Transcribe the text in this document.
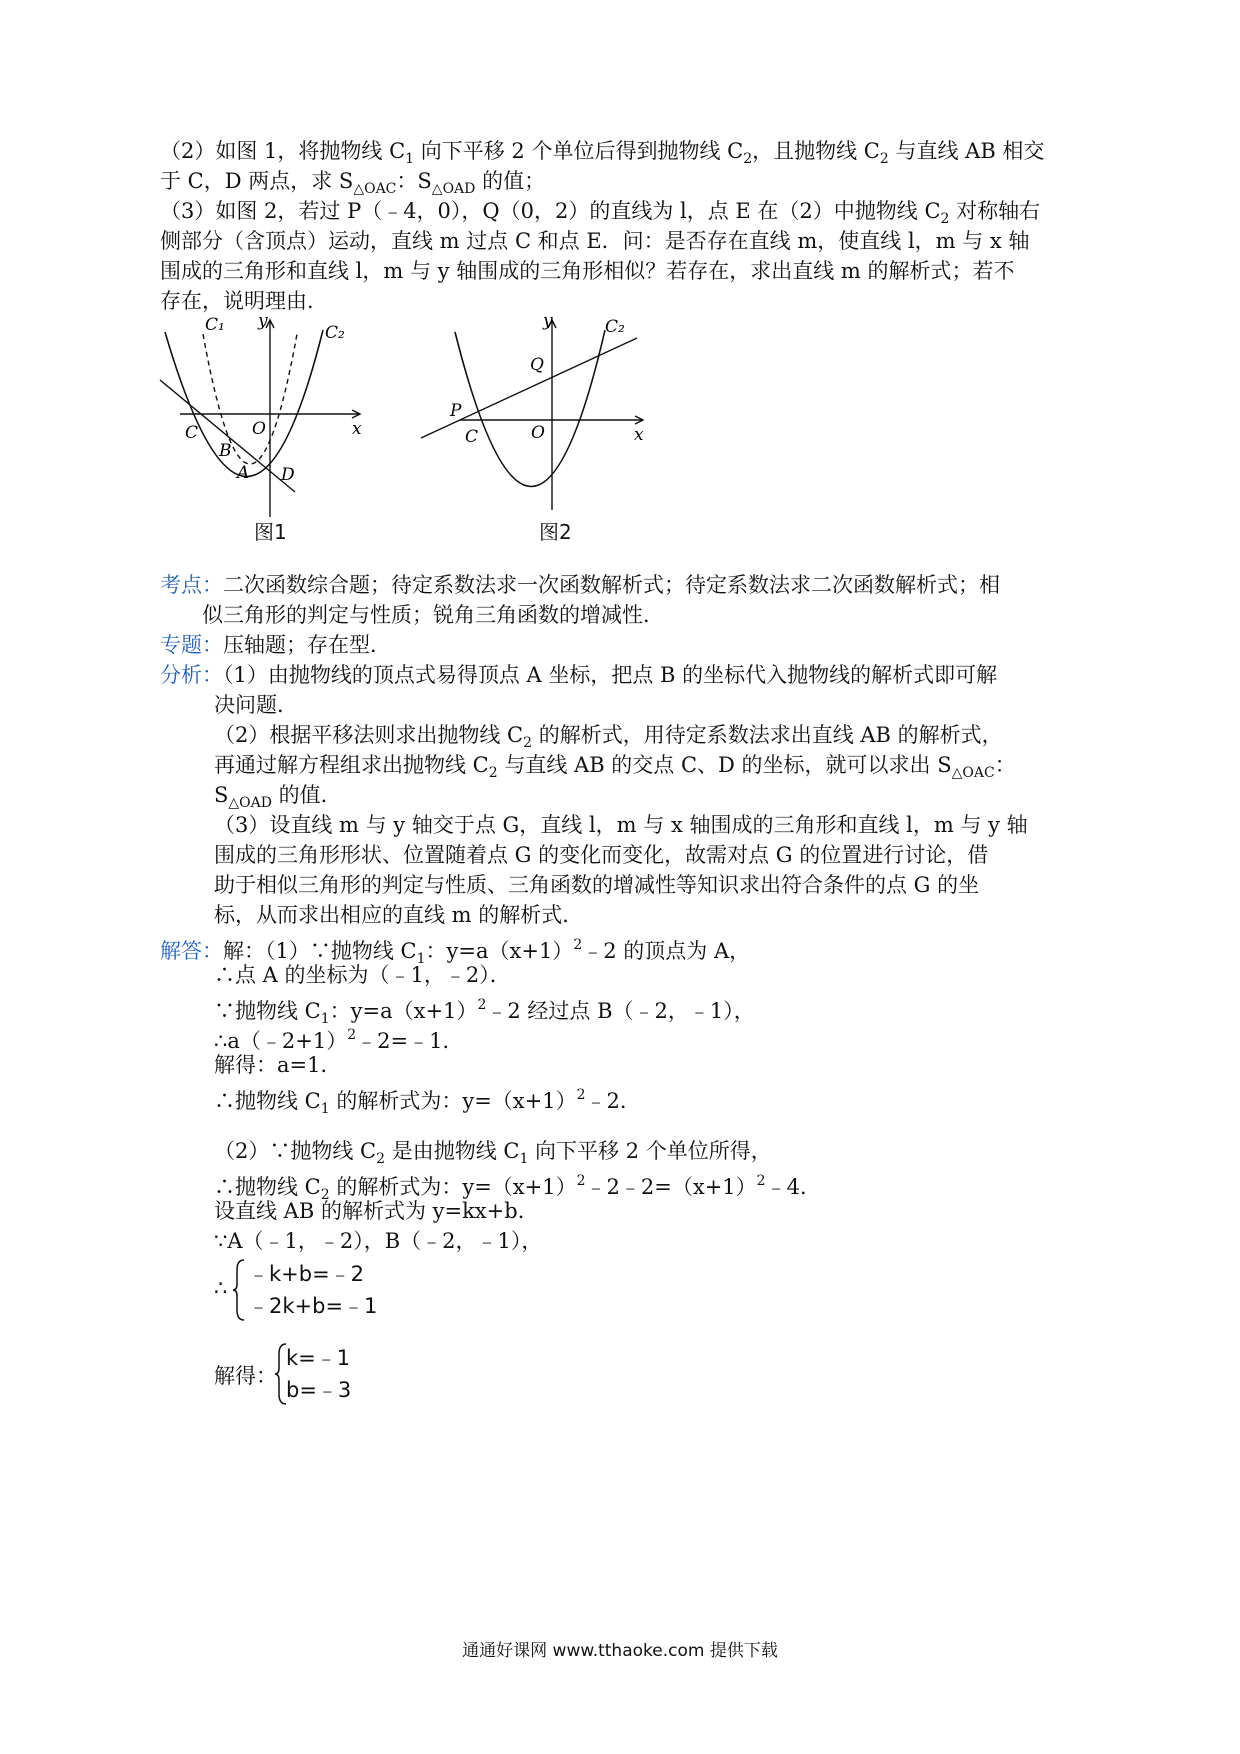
（2）如图 1，将抛物线 $C_1$ 向下平移 2 个单位后得到抛物线 $C_2$，且抛物线 $C_2$ 与直线 AB 相交
于 C，D 两点，求 $S_{\triangle OAC}$：$S_{\triangle OAD}$ 的值；
（3）如图 2，若过 P（﹣4，0），Q（0，2）的直线为 l，点 E 在（2）中抛物线 $C_2$ 对称轴右
侧部分（含顶点）运动，直线 m 过点 C 和点 E．问：是否存在直线 m，使直线 l，m 与 x 轴
围成的三角形和直线 l，m 与 y 轴围成的三角形相似？若存在，求出直线 m 的解析式；若不
存在，说明理由．
C₁	C₂
y
x
O
C
B
A D
图1
y	C₂
Q
P
C	O	x
图2
考点：二次函数综合题；待定系数法求一次函数解析式；待定系数法求二次函数解析式；相
似三角形的判定与性质；锐角三角函数的增减性．
专题：压轴题；存在型．
分析：（1）由抛物线的顶点式易得顶点 A 坐标，把点 B 的坐标代入抛物线的解析式即可解
决问题．
（2）根据平移法则求出抛物线 $C_2$ 的解析式，用待定系数法求出直线 AB 的解析式，
再通过解方程组求出抛物线 $C_2$ 与直线 AB 的交点 C、D 的坐标，就可以求出 $S_{\triangle OAC}$：
$S_{\triangle OAD}$ 的值．
（3）设直线 m 与 y 轴交于点 G，直线 l，m 与 x 轴围成的三角形和直线 l，m 与 y 轴
围成的三角形形状、位置随着点 G 的变化而变化，故需对点 G 的位置进行讨论，借
助于相似三角形的判定与性质、三角函数的增减性等知识求出符合条件的点 G 的坐
标，从而求出相应的直线 m 的解析式．
解答：解：（1）∵抛物线 $C_1$：$y=a(x+1)^2﹣2$ 的顶点为 A，
∴点 A 的坐标为（﹣1，﹣2）．
∵抛物线 $C_1$：$y=a(x+1)^2﹣2$ 经过点 B（﹣2，﹣1），
∴a（﹣2+1）$^2$﹣2=﹣1．
解得：a=1．
∴抛物线 $C_1$ 的解析式为：$y=(x+1)^2﹣2$．
（2）∵抛物线 $C_2$ 是由抛物线 $C_1$ 向下平移 2 个单位所得，
∴抛物线 $C_2$ 的解析式为：$y=(x+1)^2﹣2﹣2=(x+1)^2﹣4$．
设直线 AB 的解析式为 y=kx+b．
∵A（﹣1，﹣2），B（﹣2，﹣1），
∴
﹣k+b=﹣2
﹣2k+b=﹣1
解得：
k=﹣1
b=﹣3
通通好课网 www.tthaoke.com 提供下载
